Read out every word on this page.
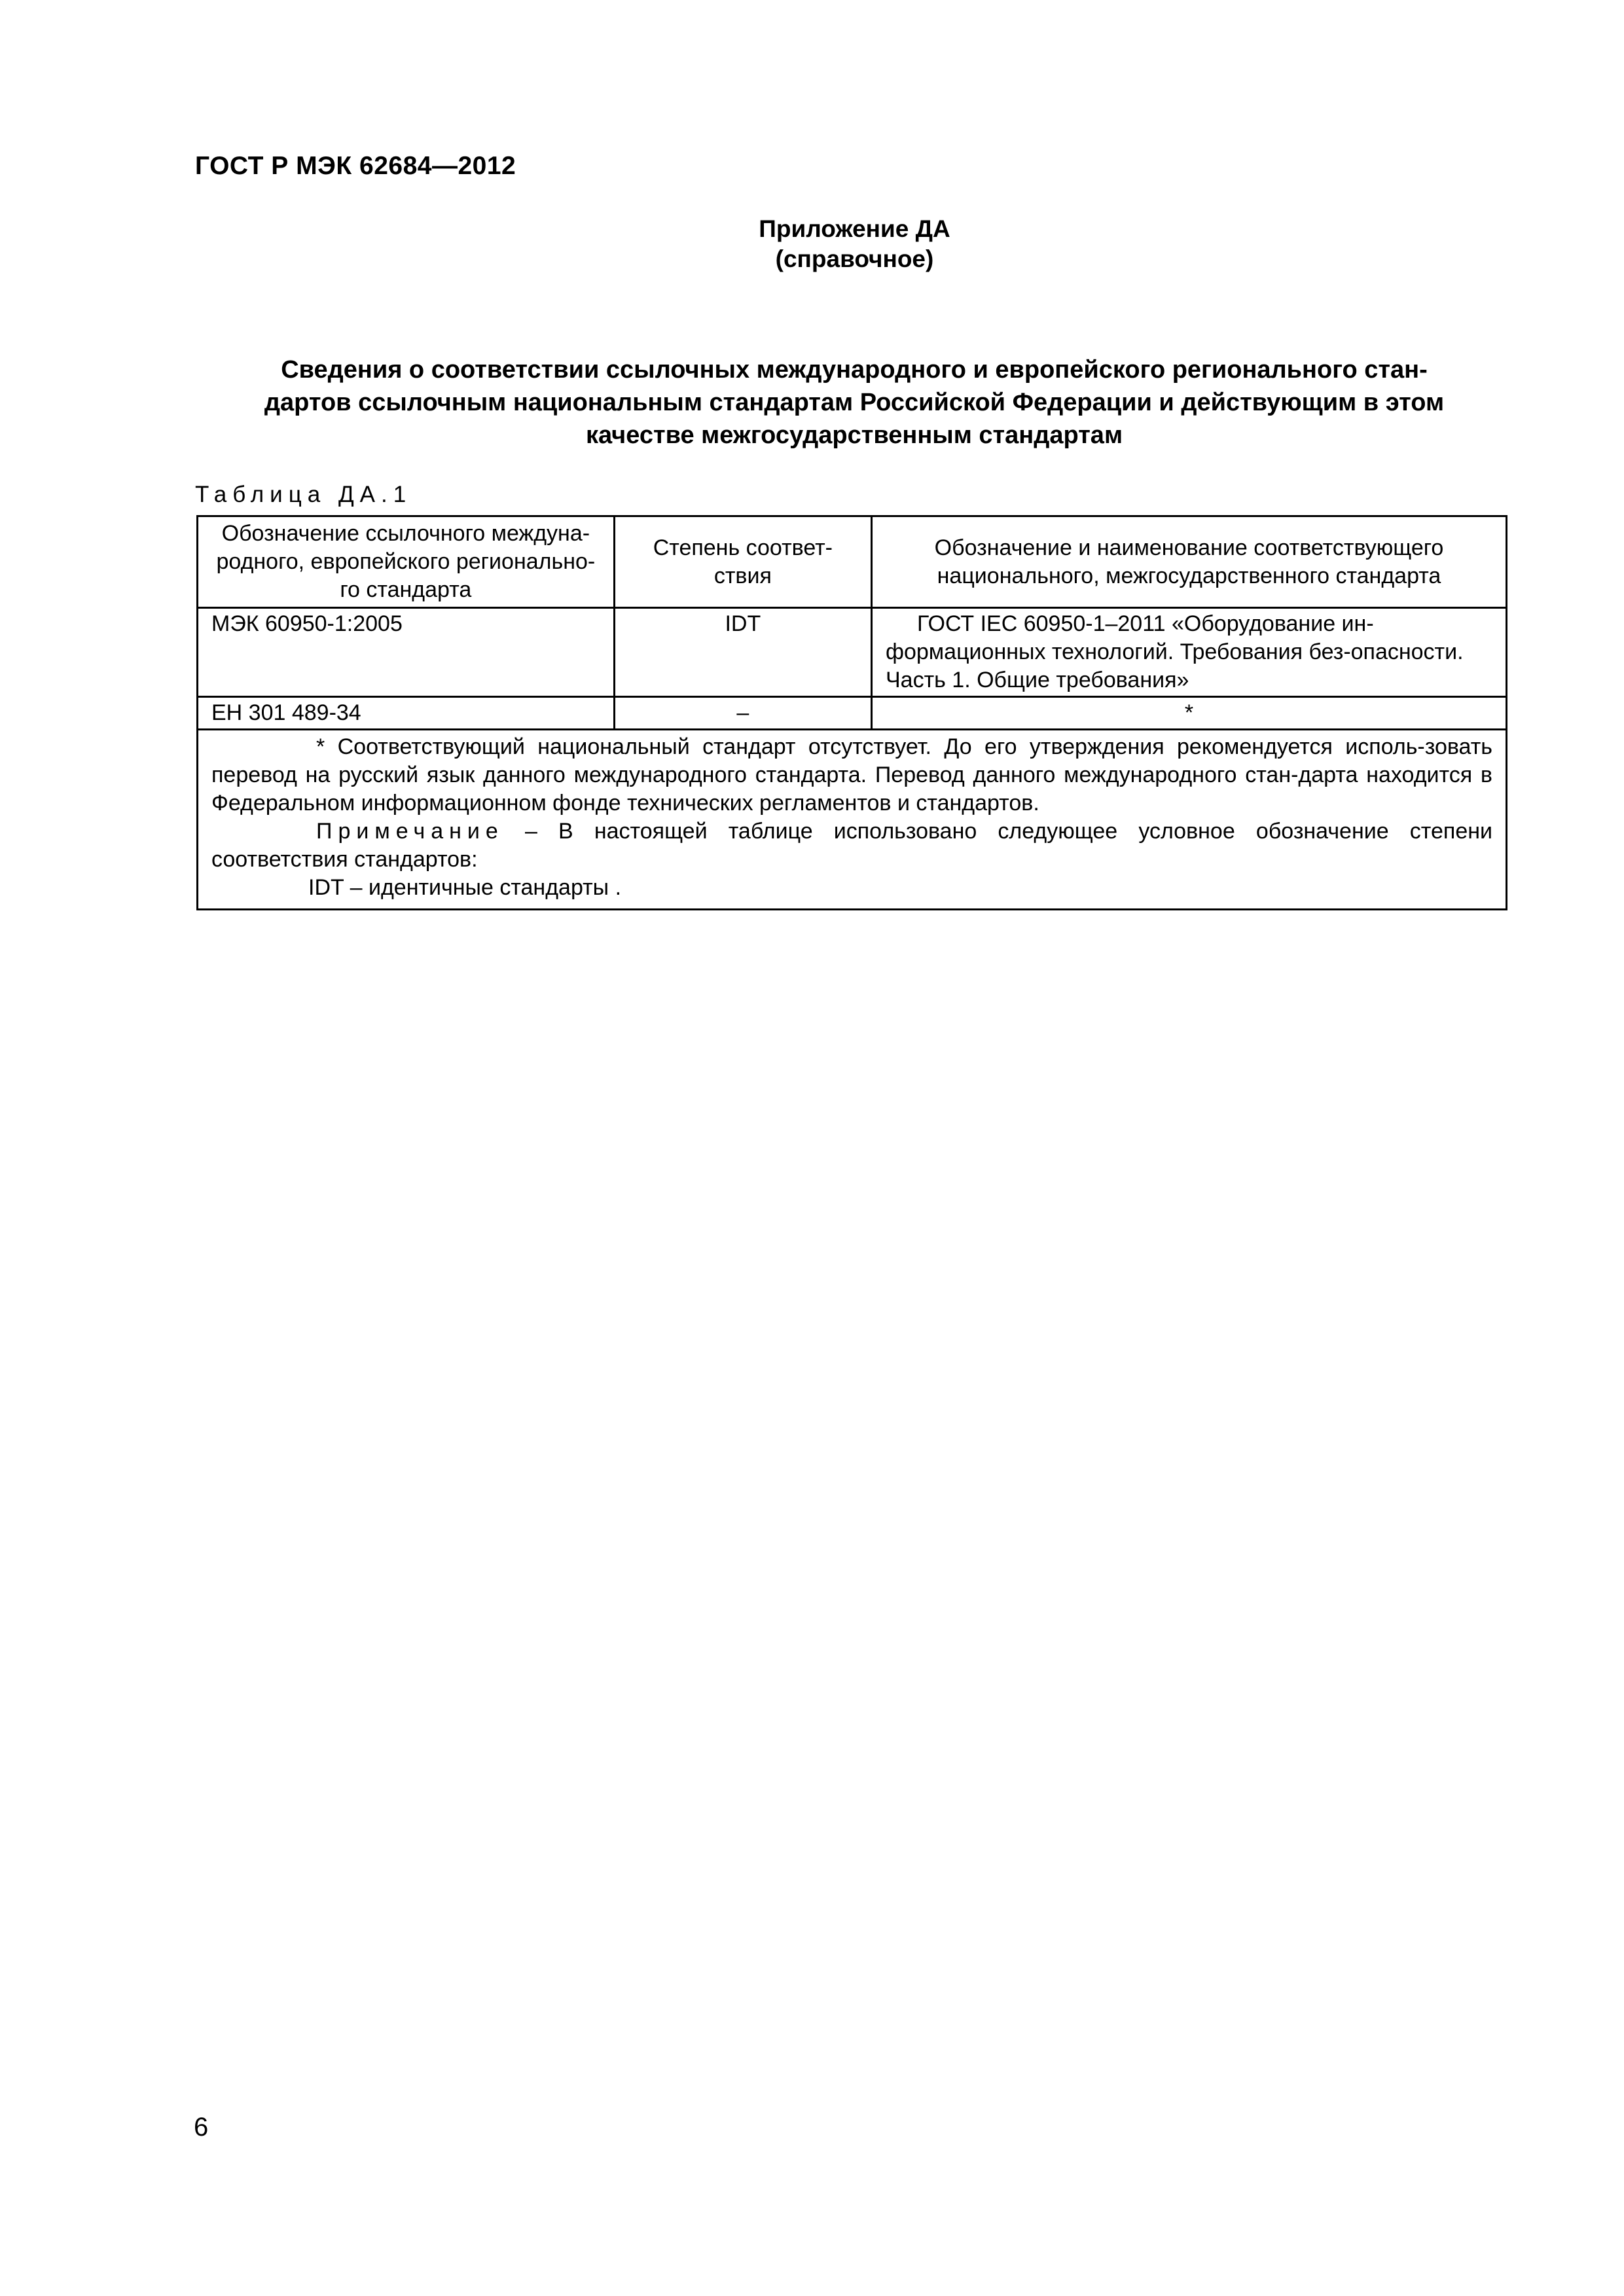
ГОСТ Р МЭК 62684—2012
Приложение ДА
(справочное)
Сведения о соответствии ссылочных международного и европейского регионального стан-
дартов ссылочным национальным стандартам Российской Федерации и действующим в этом
качестве межгосударственным стандартам
Таблица ДА.1
Обозначение ссылочного междуна-родного, европейского регионально-го стандарта	Степень соответ-ствия	Обозначение и наименование соответствующего национального, межгосударственного стандарта
МЭК 60950-1:2005	IDT	ГОСТ IEC 60950-1–2011 «Оборудование ин-формационных технологий. Требования без-опасности. Часть 1. Общие требования»
ЕН 301 489-34	–	*

* Соответствующий национальный стандарт отсутствует. До его утверждения рекомендуется исполь-зовать перевод на русский язык данного международного стандарта. Перевод данного международного стан-дарта находится в Федеральном информационном фонде технических регламентов и стандартов.

Примечание – В настоящей таблице использовано следующее условное обозначение степени соответствия стандартов:

IDT – идентичные стандарты .		

6
